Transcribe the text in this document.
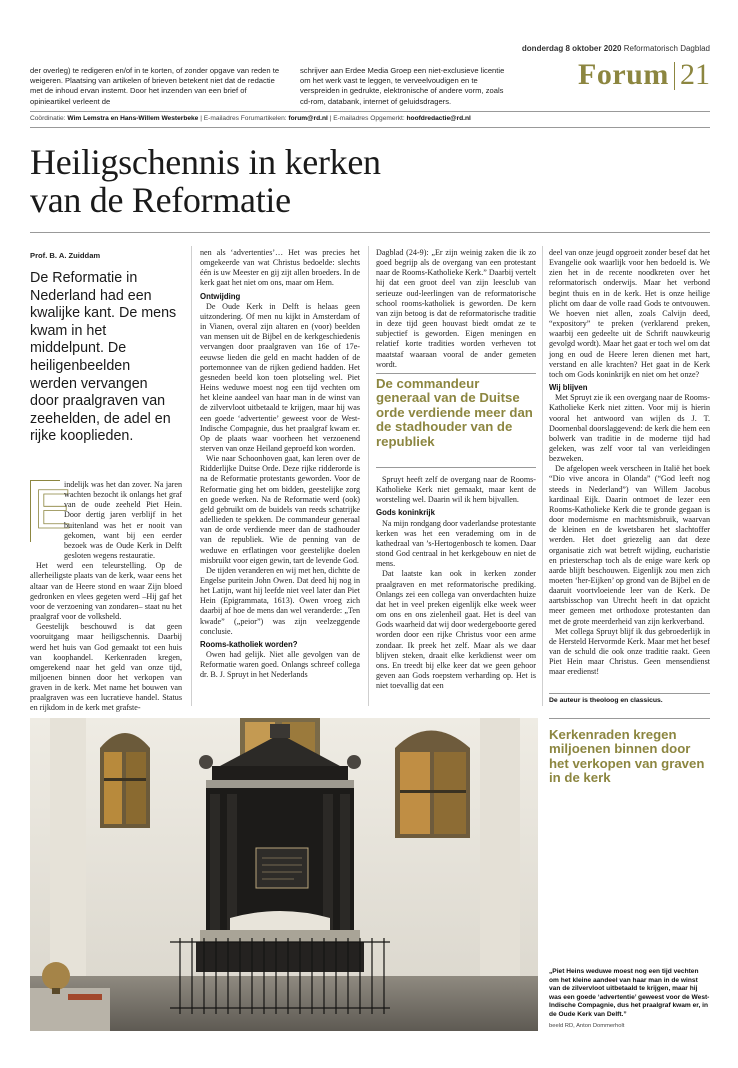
donderdag 8 oktober 2020 Reformatorisch Dagblad
Forum 21
der overleg) te redigeren en/of in te korten, of zonder opgave van reden te weigeren. Plaatsing van artikelen of brieven betekent niet dat de redactie met de inhoud ervan instemt. Door het inzenden van een brief of opinieartikel verleent de
schrijver aan Erdee Media Groep een niet-exclusieve licentie om het werk vast te leggen, te verveelvoudigen en te verspreiden in gedrukte, elektronische of andere vorm, zoals cd-rom, databank, internet of geluidsdragers.
Coördinatie: Wim Lemstra en Hans-Willem Westerbeke | E-mailadres Forumartikelen: forum@rd.nl | E-mailadres Opgemerkt: hoofdredactie@rd.nl
Heiligschennis in kerken
van de Reformatie
Prof. B. A. Zuiddam
De Reformatie in Nederland had een kwalijke kant. De mens kwam in het middelpunt. De heiligenbeelden werden vervangen door praalgraven van zeehelden, de adel en rijke kooplieden.
E

indelijk was het dan zover. Na jaren wachten bezocht ik onlangs het graf van de oude zeeheld Piet Hein. Door dertig jaren verblijf in het buitenland was het er nooit van gekomen, want bij een eerder bezoek was de Oude Kerk in Delft gesloten wegens restauratie.

Het werd een teleurstelling. Op de allerheiligste plaats van de kerk, waar eens het altaar van de Heere stond en waar Zijn bloed gedronken en vlees gegeten werd –Hij gaf het voor de verzoening van zondaren– staat nu het praalgraf voor de volksheld.

Geestelijk beschouwd is dat geen vooruitgang maar heiligschennis. Daarbij werd het huis van God gemaakt tot een huis van koophandel. Kerkenraden kregen, omgerekend naar het geld van onze tijd, miljoenen binnen door het verkopen van graven in de kerk. Met name het bouwen van praalgraven was een lucratieve handel. Status en rijkdom in de kerk met grafste-

nen als ‘advertenties’… Het was precies het omgekeerde van wat Christus bedoelde: slechts één is uw Meester en gij zijt allen broeders. In de kerk gaat het niet om ons, maar om Hem.

Ontwijding

De Oude Kerk in Delft is helaas geen uitzondering. Of men nu kijkt in Amsterdam of in Vianen, overal zijn altaren en (voor) beelden van mensen uit de Bijbel en de kerkgeschiedenis vervangen door praalgraven van 16e of 17e-eeuwse lieden die geld en macht hadden of de portemonnee van de rijken gediend hadden. Het gesneden beeld kon toen plotseling wel. Piet Heins weduwe moest nog een tijd vechten om het kleine aandeel van haar man in de winst van de zilvervloot uitbetaald te krijgen, maar hij was een goede ‘advertentie’ geweest voor de West-Indische Compagnie, dus het praalgraf kwam er. Op de plaats waar voorheen het verzoenend sterven van onze Heiland geproefd kon worden.

Wie naar Schoonhoven gaat, kan leren over de Ridderlijke Duitse Orde. Deze rijke ridderorde is na de Reformatie protestants geworden. Voor de Reformatie ging het om bidden, geestelijke zorg en goede werken. Na de Reformatie werd (ook) geld gebruikt om de buidels van reeds schatrijke adellieden te spekken. De commandeur generaal van de orde verdiende meer dan de stadhouder van de republiek. Wie de penning van de weduwe en erflatingen voor geestelijke doelen misbruikt voor eigen gewin, tart de levende God.

De tijden veranderen en wij met hen, dichtte de Engelse puritein John Owen. Dat deed hij nog in het Latijn, want hij leefde niet veel later dan Piet Hein (Epigrammata, 1613). Owen vroeg zich daarbij af hoe de mens dan wel veranderde: „Ten kwade” („peior”) was zijn veelzeggende conclusie.

Rooms-katholiek worden?

Owen had gelijk. Niet alle gevolgen van de Reformatie waren goed. Onlangs schreef collega dr. B. J. Spruyt in het Nederlands

Dagblad (24-9): „Er zijn weinig zaken die ik zo goed begrijp als de overgang van een protestant naar de Rooms-Katholieke Kerk.” Daarbij vertelt hij dat een groot deel van zijn leesclub van serieuze oud-leerlingen van de reformatorische school rooms-katholiek is geworden. De kern van zijn betoog is dat de reformatorische traditie in deze tijd geen houvast biedt omdat ze te subjectief is geworden. Eigen meningen en relatief korte tradities worden verheven tot maatstaf waaraan vooral de ander gemeten wordt.

De commandeur generaal van de Duitse orde verdiende meer dan de stadhouder van de republiek

Spruyt heeft zelf de overgang naar de Rooms-Katholieke Kerk niet gemaakt, maar kent de worsteling wel. Daarin wil ik hem bijvallen.

Gods koninkrijk

Na mijn rondgang door vaderlandse protestante kerken was het een verademing om in de kathedraal van ’s-Hertogenbosch te komen. Daar stond God centraal in het kerkgebouw en niet de mens.

Dat laatste kan ook in kerken zonder praalgraven en met reformatorische prediking. Onlangs zei een collega van onverdachten huize dat het in veel preken eigenlijk elke week weer om ons en ons zielenheil gaat. Het is deel van Gods waarheid dat wij door wedergeboorte gered worden door een rijke Christus voor een arme zondaar. Ik preek het zelf. Maar als we daar blijven steken, draait elke kerkdienst weer om ons. En treedt bij elke keer dat we geen gehoor geven aan Gods roepstem verharding op. Het is niet toevallig dat een

deel van onze jeugd opgroeit zonder besef dat het Evangelie ook waarlijk voor hen bedoeld is. We zien het in de recente noodkreten over het reformatorisch onderwijs. Maar het verbond begint thuis en in de kerk. Het is onze heilige plicht om daar de volle raad Gods te ontvouwen. We hoeven niet allen, zoals Calvijn deed, “expository” te preken (verklarend preken, waarbij een gedeelte uit de Schrift nauwkeurig gevolgd wordt). Maar het gaat er toch wel om dat jong en oud de Heere leren dienen met hart, verstand en alle krachten? Het gaat in de Kerk toch om Gods koninkrijk en niet om het onze?

Wij blijven

Met Spruyt zie ik een overgang naar de Rooms-Katholieke Kerk niet zitten. Voor mij is hierin vooral het antwoord van wijlen ds J. T. Doornenbal doorslaggevend: de kerk die hem een bolwerk van traditie in de moderne tijd had geleken, was zelf voor tal van verleidingen bezweken.

De afgelopen week verscheen in Italië het boek “Dio vive ancora in Olanda” (“God leeft nog steeds in Nederland”) van Willem Jacobus kardinaal Eijk. Daarin ontmoet de lezer een Rooms-Katholieke Kerk die te grondе gegaan is door modernisme en machtsmisbruik, waarvan de kleinen en de kwetsbaren het slachtoffer werden. Het doet griezelig aan dat deze organisatie zich wat betreft wijding, eucharistie en priesterschap toch als de enige ware kerk op aarde blijft beschouwen. Eigenlijk zou men zich moeten ‘her-Eijken’ op grond van de Bijbel en de daaruit voortvloeiende leer van de Kerk. De aartsbisschop van Utrecht heeft in dat opzicht meer gemeen met orthodoxe protestanten dan met de grote meerderheid van zijn kerkverband.

Met collega Spruyt blijf ik dus gebroederlijk in de Hersteld Hervormde Kerk. Maar met het besef van de schuld die ook onze traditie raakt. Geen Piet Hein maar Christus. Geen mensendienst maar eredienst!

De auteur is theoloog en classicus.
Kerkenraden kregen miljoenen binnen door het verkopen van graven in de kerk
„Piet Heins weduwe moest nog een tijd vechten om het kleine aandeel van haar man in de winst van de zilvervloot uitbetaald te krijgen, maar hij was een goede ‘advertentie’ geweest voor de West-Indische Compagnie, dus het praalgraf kwam er, in de Oude Kerk van Delft.”
beeld RD, Anton Dommerholt
